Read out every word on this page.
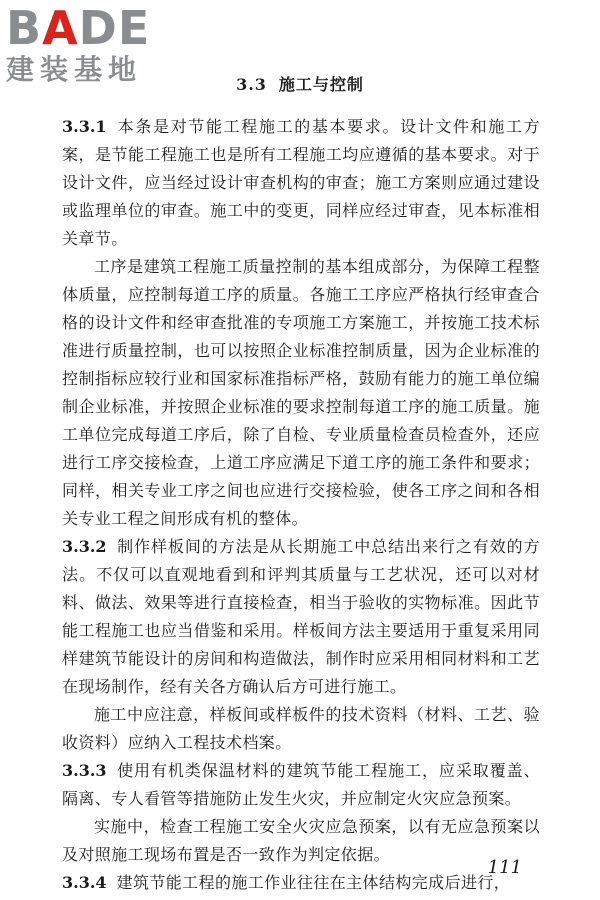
BADE
建装基地	3.3 施工与控制

3.3.1 本条是对节能工程施工的基本要求。设计文件和施工方案，是节能工程施工也是所有工程施工均应遵循的基本要求。对于设计文件，应当经过设计审查机构的审查；施工方案则应通过建设或监理单位的审查。施工中的变更，同样应经过审查，见本标准相关章节。

工序是建筑工程施工质量控制的基本组成部分，为保障工程整体质量，应控制每道工序的质量。各施工工序应严格执行经审查合格的设计文件和经审查批准的专项施工方案施工，并按施工技术标准进行质量控制，也可以按照企业标准控制质量，因为企业标准的控制指标应较行业和国家标准指标严格，鼓励有能力的施工单位编制企业标准，并按照企业标准的要求控制每道工序的施工质量。施工单位完成每道工序后，除了自检、专业质量检查员检查外，还应进行工序交接检查，上道工序应满足下道工序的施工条件和要求；同样，相关专业工序之间也应进行交接检验，使各工序之间和各相关专业工程之间形成有机的整体。

3.3.2 制作样板间的方法是从长期施工中总结出来行之有效的方法。不仅可以直观地看到和评判其质量与工艺状况，还可以对材料、做法、效果等进行直接检查，相当于验收的实物标准。因此节能工程施工也应当借鉴和采用。样板间方法主要适用于重复采用同样建筑节能设计的房间和构造做法，制作时应采用相同材料和工艺在现场制作，经有关各方确认后方可进行施工。

施工中应注意，样板间或样板件的技术资料（材料、工艺、验收资料）应纳入工程技术档案。

3.3.3 使用有机类保温材料的建筑节能工程施工，应采取覆盖、隔离、专人看管等措施防止发生火灾，并应制定火灾应急预案。

实施中，检查工程施工安全火灾应急预案，以有无应急预案以及对照施工现场布置是否一致作为判定依据。

3.3.4 建筑节能工程的施工作业往往在主体结构完成后进行，

111
